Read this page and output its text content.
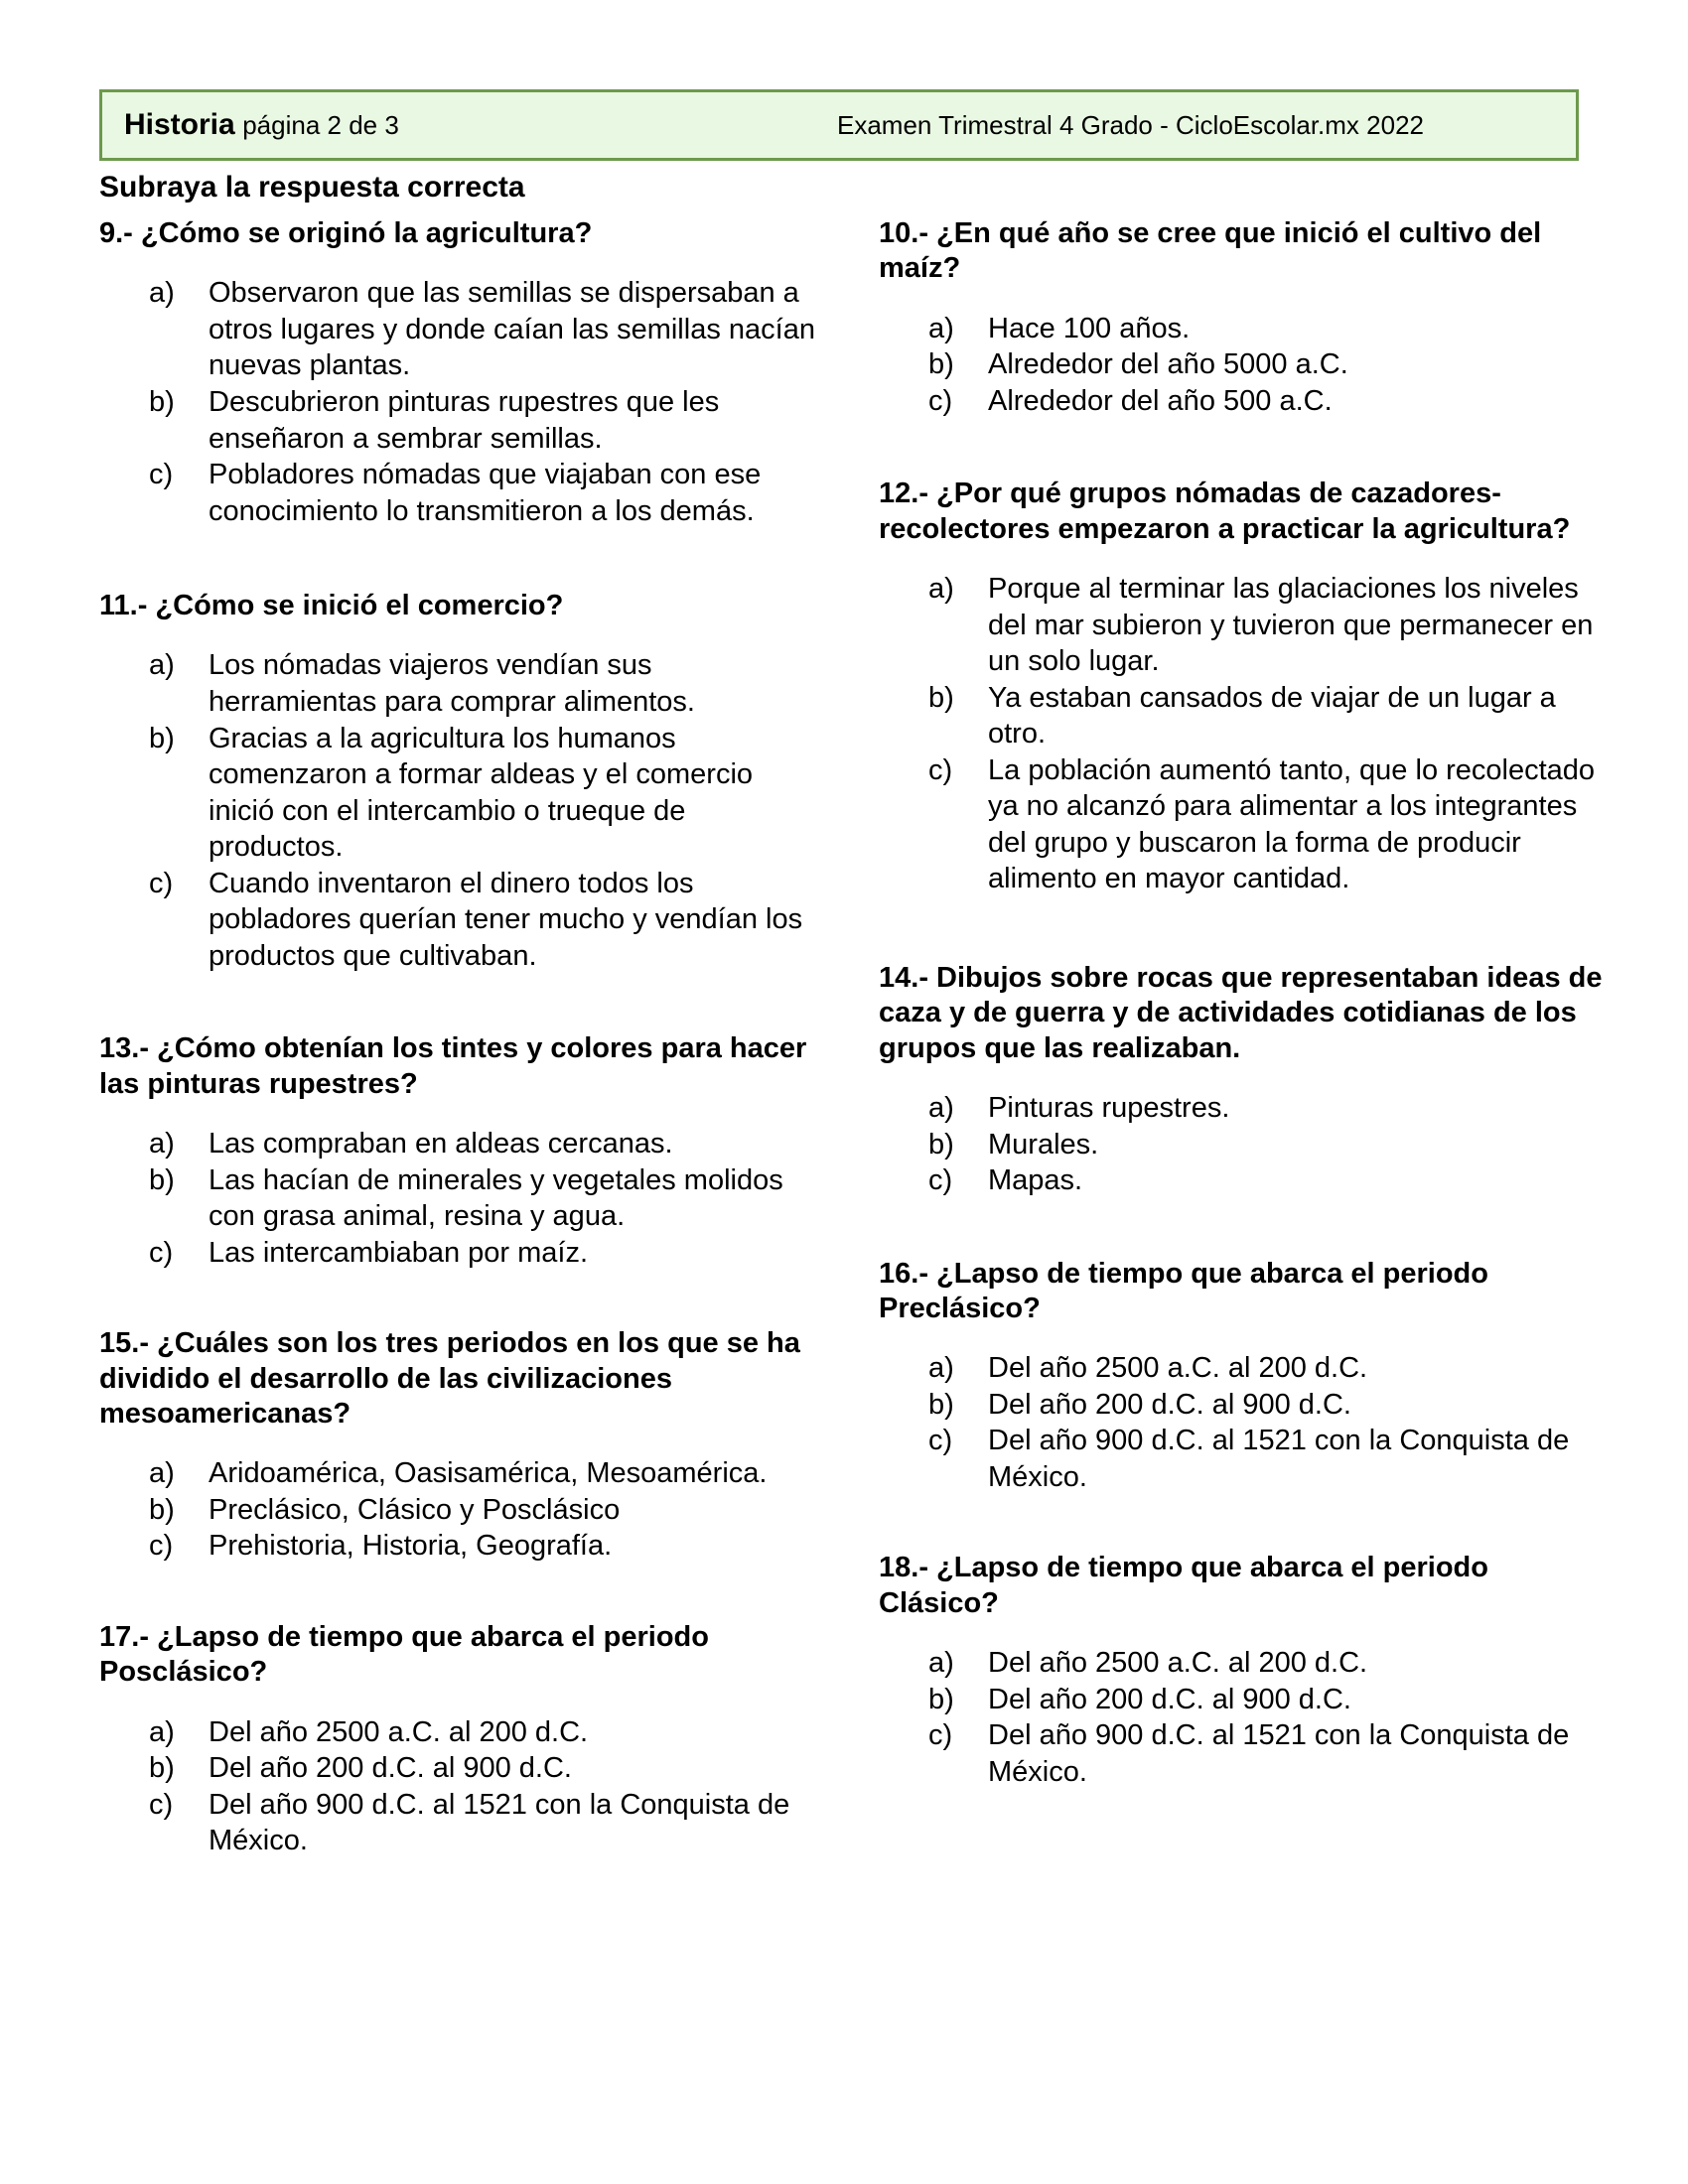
Historia página 2 de 3	Examen Trimestral 4 Grado - CicloEscolar.mx 2022
Subraya la respuesta correcta
9.- ¿Cómo se originó la agricultura?
a)	Observaron que las semillas se dispersaban a otros lugares y donde caían las semillas nacían nuevas plantas.
b)	Descubrieron pinturas rupestres que les enseñaron a sembrar semillas.
c)	Pobladores nómadas que viajaban con ese conocimiento lo transmitieron a los demás.
11.- ¿Cómo se inició el comercio?
a)	Los nómadas viajeros vendían sus herramientas para comprar alimentos.
b)	Gracias a la agricultura los humanos comenzaron a formar aldeas y el comercio inició con el intercambio o trueque de productos.
c)	Cuando inventaron el dinero todos los pobladores querían tener mucho y vendían los productos que cultivaban.
13.- ¿Cómo obtenían los tintes y colores para hacer las pinturas rupestres?
a)	Las compraban en aldeas cercanas.
b)	Las hacían de minerales y vegetales molidos con grasa animal, resina y agua.
c)	Las intercambiaban por maíz.
15.- ¿Cuáles son los tres periodos en los que se ha dividido el desarrollo de las civilizaciones mesoamericanas?
a)	Aridoamérica, Oasisamérica, Mesoamérica.
b)	Preclásico, Clásico y Posclásico
c)	Prehistoria, Historia, Geografía.
17.- ¿Lapso de tiempo que abarca el periodo Posclásico?
a)	Del año 2500 a.C. al 200 d.C.
b)	Del año 200 d.C. al 900 d.C.
c)	Del año 900 d.C. al 1521 con la Conquista de México.
10.- ¿En qué año se cree que inició el cultivo del maíz?
a)	Hace 100 años.
b)	Alrededor del año 5000 a.C.
c)	Alrededor del año 500 a.C.
12.- ¿Por qué grupos nómadas de cazadores-recolectores empezaron a practicar la agricultura?
a)	Porque al terminar las glaciaciones los niveles del mar subieron y tuvieron que permanecer en un solo lugar.
b)	Ya estaban cansados de viajar de un lugar a otro.
c)	La población aumentó tanto, que lo recolectado ya no alcanzó para alimentar a los integrantes del grupo y buscaron la forma de producir alimento en mayor cantidad.
14.- Dibujos sobre rocas que representaban ideas de caza y de guerra y de actividades cotidianas de los grupos que las realizaban.
a)	Pinturas rupestres.
b)	Murales.
c)	Mapas.
16.- ¿Lapso de tiempo que abarca el periodo Preclásico?
a)	Del año 2500 a.C. al 200 d.C.
b)	Del año 200 d.C. al 900 d.C.
c)	Del año 900 d.C. al 1521 con la Conquista de México.
18.- ¿Lapso de tiempo que abarca el periodo Clásico?
a)	Del año 2500 a.C. al 200 d.C.
b)	Del año 200 d.C. al 900 d.C.
c)	Del año 900 d.C. al 1521 con la Conquista de México.
